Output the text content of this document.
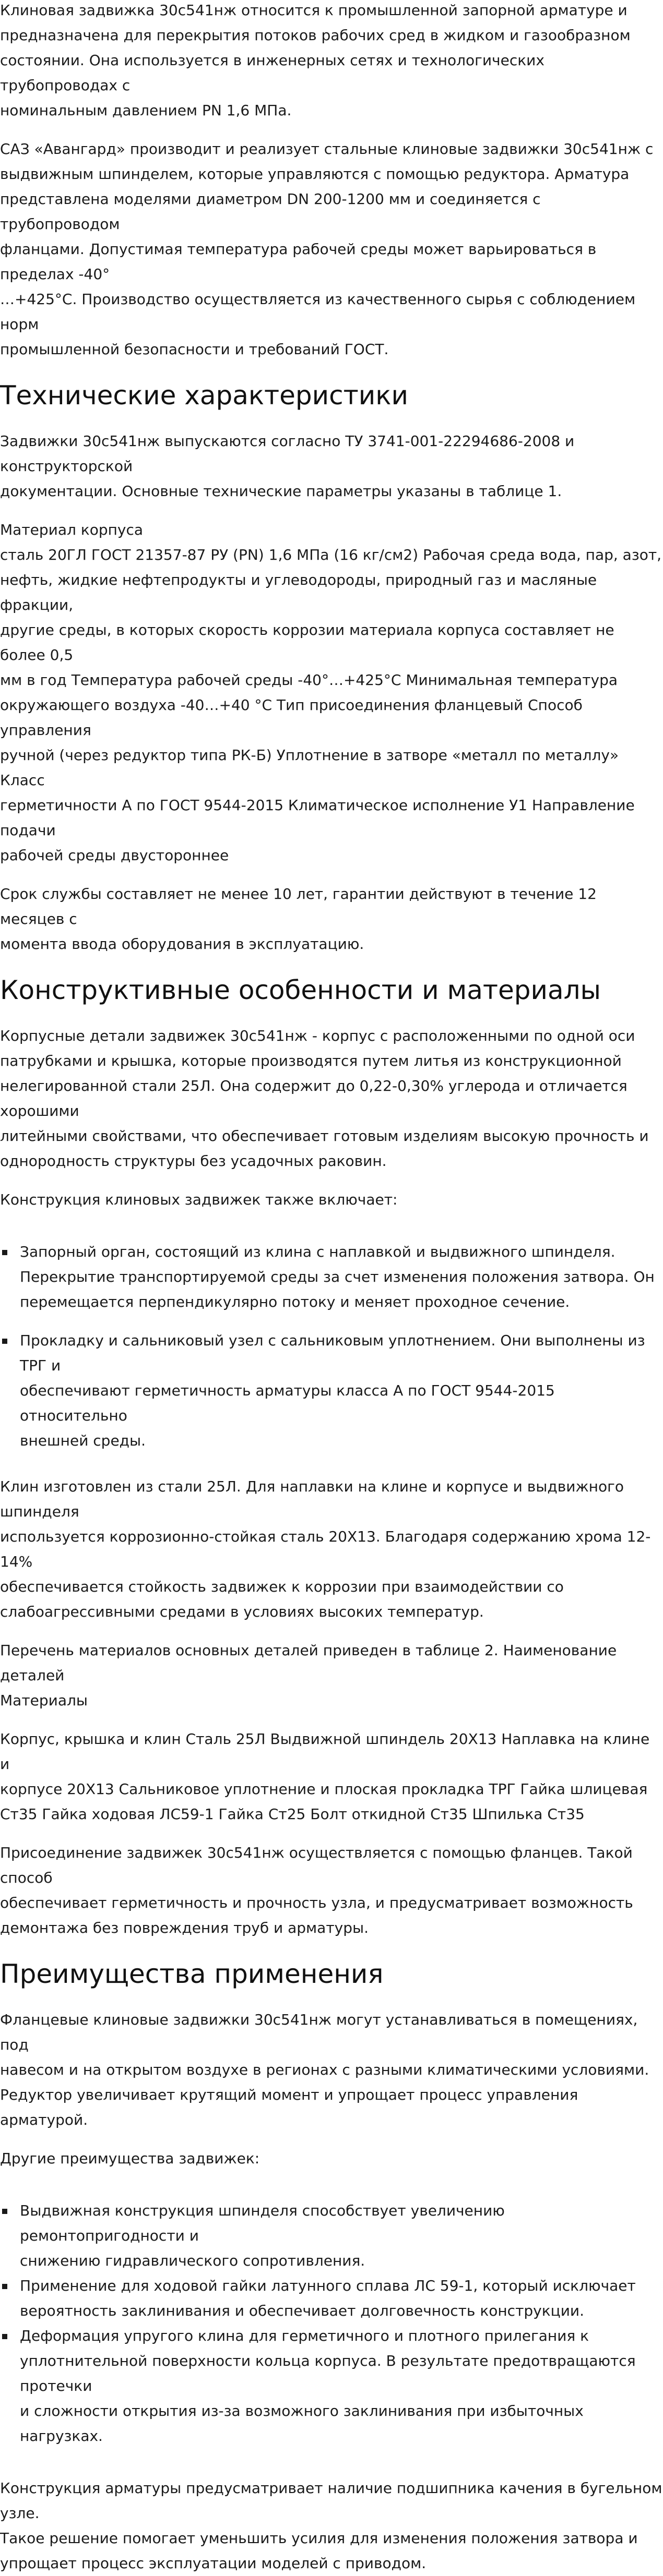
Клиновая задвижка 30с541нж относится к промышленной запорной арматуре и
предназначена для перекрытия потоков рабочих сред в жидком и газообразном
состоянии. Она используется в инженерных сетях и технологических трубопроводах с
номинальным давлением PN 1,6 МПа.

САЗ «Авангард» производит и реализует стальные клиновые задвижки 30с541нж с
выдвижным шпинделем, которые управляются с помощью редуктора. Арматура
представлена моделями диаметром DN 200-1200 мм и соединяется с трубопроводом
фланцами. Допустимая температура рабочей среды может варьироваться в пределах -40°
…+425°С. Производство осуществляется из качественного сырья с соблюдением норм
промышленной безопасности и требований ГОСТ.

Технические характеристики

Задвижки 30с541нж выпускаются согласно ТУ 3741-001-22294686-2008 и конструкторской
документации. Основные технические параметры указаны в таблице 1.

Материал корпуса
сталь 20ГЛ ГОСТ 21357-87 РУ (PN) 1,6 МПа (16 кг/см2) Рабочая среда вода, пар, азот,
нефть, жидкие нефтепродукты и углеводороды, природный газ и масляные фракции,
другие среды, в которых скорость коррозии материала корпуса составляет не более 0,5
мм в год Температура рабочей среды -40°…+425°С Минимальная температура
окружающего воздуха -40…+40 °С Тип присоединения фланцевый Способ управления
ручной (через редуктор типа РК-Б) Уплотнение в затворе «металл по металлу» Класс
герметичности А по ГОСТ 9544-2015 Климатическое исполнение У1 Направление подачи
рабочей среды двустороннее

Срок службы составляет не менее 10 лет, гарантии действуют в течение 12 месяцев с
момента ввода оборудования в эксплуатацию.

Конструктивные особенности и материалы

Корпусные детали задвижек 30с541нж - корпус с расположенными по одной оси
патрубками и крышка, которые производятся путем литья из конструкционной
нелегированной стали 25Л. Она содержит до 0,22-0,30% углерода и отличается хорошими
литейными свойствами, что обеспечивает готовым изделиям высокую прочность и
однородность структуры без усадочных раковин.

Конструкция клиновых задвижек также включает:

Запорный орган, состоящий из клина с наплавкой и выдвижного шпинделя.
Перекрытие транспортируемой среды за счет изменения положения затвора. Он
перемещается перпендикулярно потоку и меняет проходное сечение.
Прокладку и сальниковый узел с сальниковым уплотнением. Они выполнены из ТРГ и
обеспечивают герметичность арматуры класса А по ГОСТ 9544-2015 относительно
внешней среды.

Клин изготовлен из стали 25Л. Для наплавки на клине и корпусе и выдвижного шпинделя
используется коррозионно-стойкая сталь 20Х13. Благодаря содержанию хрома 12-14%
обеспечивается стойкость задвижек к коррозии при взаимодействии со
слабоагрессивными средами в условиях высоких температур.

Перечень материалов основных деталей приведен в таблице 2. Наименование деталей
Материалы

Корпус, крышка и клин Сталь 25Л Выдвижной шпиндель 20Х13 Наплавка на клине и
корпусе 20Х13 Сальниковое уплотнение и плоская прокладка ТРГ Гайка шлицевая
Ст35 Гайка ходовая ЛС59-1 Гайка Ст25 Болт откидной Ст35 Шпилька Ст35

Присоединение задвижек 30с541нж осуществляется с помощью фланцев. Такой способ
обеспечивает герметичность и прочность узла, и предусматривает возможность
демонтажа без повреждения труб и арматуры.

Преимущества применения

Фланцевые клиновые задвижки 30с541нж могут устанавливаться в помещениях, под
навесом и на открытом воздухе в регионах с разными климатическими условиями.
Редуктор увеличивает крутящий момент и упрощает процесс управления арматурой.

Другие преимущества задвижек:

Выдвижная конструкция шпинделя способствует увеличению ремонтопригодности и
снижению гидравлического сопротивления.
Применение для ходовой гайки латунного сплава ЛС 59-1, который исключает
вероятность заклинивания и обеспечивает долговечность конструкции.
Деформация упругого клина для герметичного и плотного прилегания к
уплотнительной поверхности кольца корпуса. В результате предотвращаются протечки
и сложности открытия из-за возможного заклинивания при избыточных нагрузках.

Конструкция арматуры предусматривает наличие подшипника качения в бугельном узле.
Такое решение помогает уменьшить усилия для изменения положения затвора и
упрощает процесс эксплуатации моделей с приводом.
